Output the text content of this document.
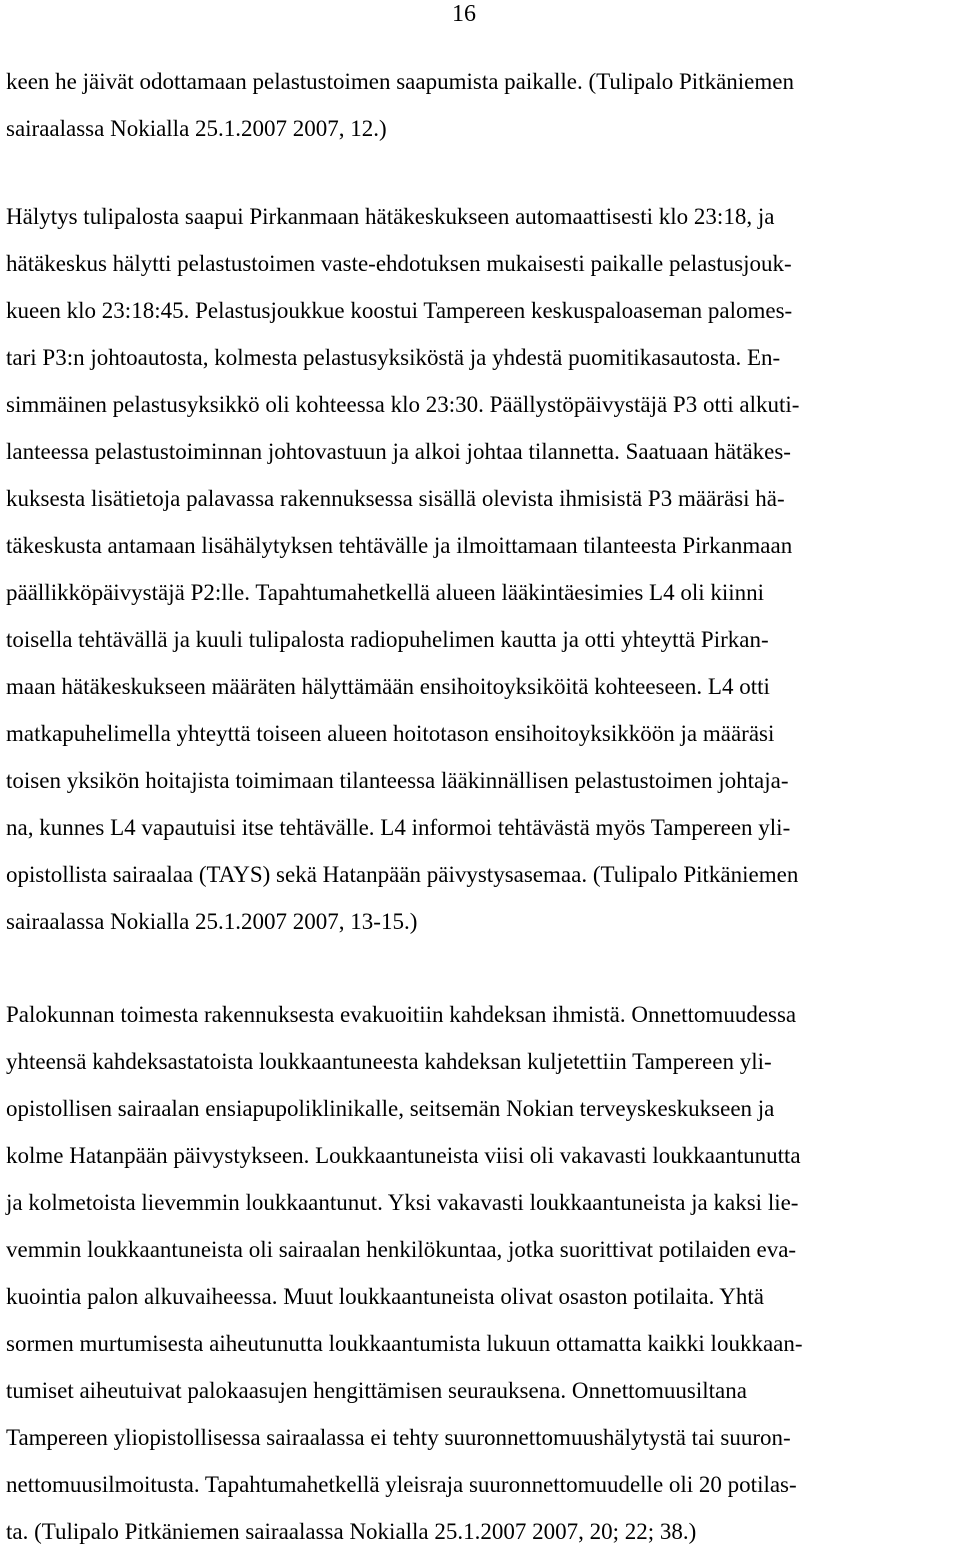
16
keen he jäivät odottamaan pelastustoimen saapumista paikalle. (Tulipalo Pitkäniemen
sairaalassa Nokialla 25.1.2007 2007, 12.)
Hälytys tulipalosta saapui Pirkanmaan hätäkeskukseen automaattisesti klo 23:18, ja
hätäkeskus hälytti pelastustoimen vaste-ehdotuksen mukaisesti paikalle pelastusjouk-
kueen klo 23:18:45. Pelastusjoukkue koostui Tampereen keskuspaloaseman palomes-
tari P3:n johtoautosta, kolmesta pelastusyksiköstä ja yhdestä puomitikasautosta. En-
simmäinen pelastusyksikkö oli kohteessa klo 23:30. Päällystöpäivystäjä P3 otti alkuti-
lanteessa pelastustoiminnan johtovastuun ja alkoi johtaa tilannetta. Saatuaan hätäkes-
kuksesta lisätietoja palavassa rakennuksessa sisällä olevista ihmisistä P3 määräsi hä-
täkeskusta antamaan lisähälytyksen tehtävälle ja ilmoittamaan tilanteesta Pirkanmaan
päällikköpäivystäjä P2:lle. Tapahtumahetkellä alueen lääkintäesimies L4 oli kiinni
toisella tehtävällä ja kuuli tulipalosta radiopuhelimen kautta ja otti yhteyttä Pirkan-
maan hätäkeskukseen määräten hälyttämään ensihoitoyksiköitä kohteeseen. L4 otti
matkapuhelimella yhteyttä toiseen alueen hoitotason ensihoitoyksikköön ja määräsi
toisen yksikön hoitajista toimimaan tilanteessa lääkinnällisen pelastustoimen johtaja-
na, kunnes L4 vapautuisi itse tehtävälle. L4 informoi tehtävästä myös Tampereen yli-
opistollista sairaalaa (TAYS) sekä Hatanpään päivystysasemaa. (Tulipalo Pitkäniemen
sairaalassa Nokialla 25.1.2007 2007, 13-15.)
Palokunnan toimesta rakennuksesta evakuoitiin kahdeksan ihmistä. Onnettomuudessa
yhteensä kahdeksastatoista loukkaantuneesta kahdeksan kuljetettiin Tampereen yli-
opistollisen sairaalan ensiapupoliklinikalle, seitsemän Nokian terveyskeskukseen ja
kolme Hatanpään päivystykseen. Loukkaantuneista viisi oli vakavasti loukkaantunutta
ja kolmetoista lievemmin loukkaantunut. Yksi vakavasti loukkaantuneista ja kaksi lie-
vemmin loukkaantuneista oli sairaalan henkilökuntaa, jotka suorittivat potilaiden eva-
kuointia palon alkuvaiheessa. Muut loukkaantuneista olivat osaston potilaita. Yhtä
sormen murtumisesta aiheutunutta loukkaantumista lukuun ottamatta kaikki loukkaan-
tumiset aiheutuivat palokaasujen hengittämisen seurauksena. Onnettomuusiltana
Tampereen yliopistollisessa sairaalassa ei tehty suuronnettomuushälytystä tai suuron-
nettomuusilmoitusta. Tapahtumahetkellä yleisraja suuronnettomuudelle oli 20 potilas-
ta. (Tulipalo Pitkäniemen sairaalassa Nokialla 25.1.2007 2007, 20; 22; 38.)
